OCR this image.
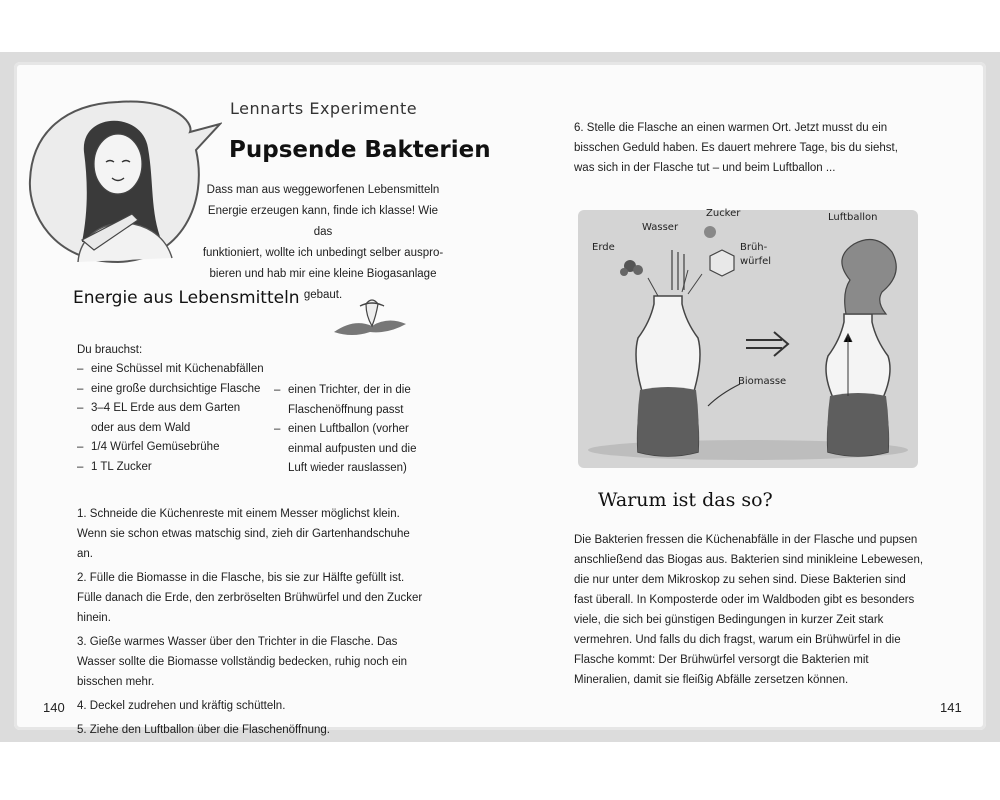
Lennarts Experimente
Pupsende Bakterien
Dass man aus weggeworfenen Lebensmitteln
Energie erzeugen kann, finde ich klasse! Wie das
funktioniert, wollte ich unbedingt selber auspro-
bieren und hab mir eine kleine Biogasanlage gebaut.
Energie aus Lebensmitteln
Du brauchst:
– eine Schüssel mit Küchenabfällen
– eine große durchsichtige Flasche
– 3–4 EL Erde aus dem Garten
oder aus dem Wald
– 1/4 Würfel Gemüsebrühe
– 1 TL Zucker
– einen Trichter, der in die Flaschenöffnung passt
– einen Luftballon (vorher einmal aufpusten und die Luft wieder rauslassen)

1. Schneide die Küchenreste mit einem Messer möglichst klein. Wenn sie schon etwas matschig sind, zieh dir Gartenhandschuhe an.

2. Fülle die Biomasse in die Flasche, bis sie zur Hälfte gefüllt ist. Fülle danach die Erde, den zerbröselten Brühwürfel und den Zucker hinein.

3. Gieße warmes Wasser über den Trichter in die Flasche. Das Wasser sollte die Biomasse vollständig bedecken, ruhig noch ein bisschen mehr.

4. Deckel zudrehen und kräftig schütteln.

5. Ziehe den Luftballon über die Flaschenöffnung.

140
6. Stelle die Flasche an einen warmen Ort. Jetzt musst du ein bisschen Geduld haben. Es dauert mehrere Tage, bis du siehst, was sich in der Flasche tut – und beim Luftballon ...
Erde
Wasser
Zucker
Brüh-
würfel
Luftballon
Biomasse
Warum ist das so?
Die Bakterien fressen die Küchenabfälle in der Flasche und pupsen anschließend das Biogas aus. Bakterien sind minikleine Lebewesen, die nur unter dem Mikroskop zu sehen sind. Diese Bakterien sind fast überall. In Komposterde oder im Waldboden gibt es besonders viele, die sich bei günstigen Bedingungen in kurzer Zeit stark vermehren. Und falls du dich fragst, warum ein Brühwürfel in die Flasche kommt: Der Brühwürfel versorgt die Bakterien mit Mineralien, damit sie fleißig Abfälle zersetzen können.
141
